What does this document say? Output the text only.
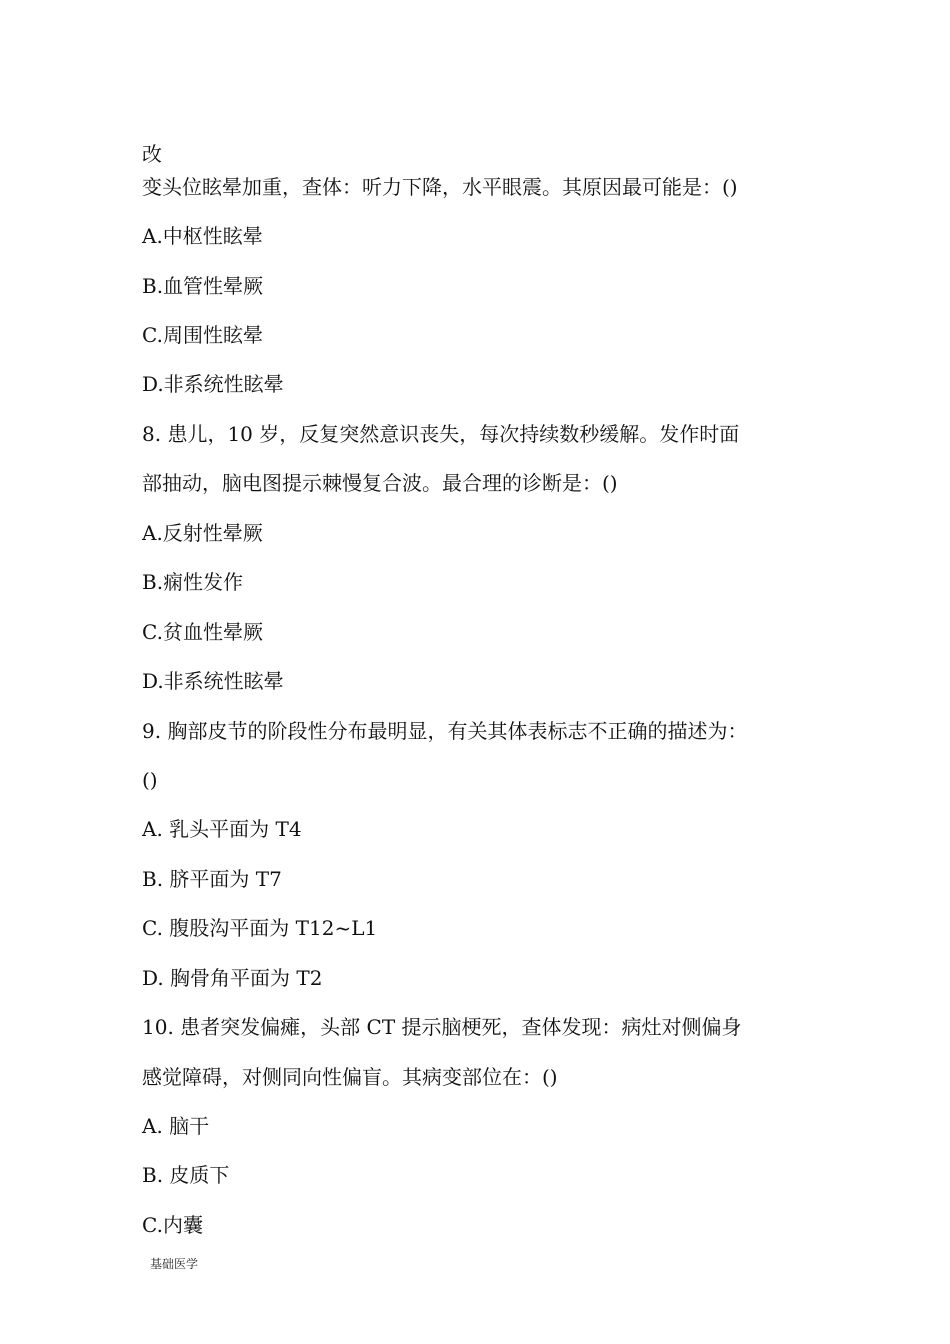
改
变头位眩晕加重，查体：听力下降，水平眼震。其原因最可能是：()
A.中枢性眩晕
B.血管性晕厥
C.周围性眩晕
D.非系统性眩晕
8. 患儿，10 岁，反复突然意识丧失，每次持续数秒缓解。发作时面
部抽动，脑电图提示棘慢复合波。最合理的诊断是：()
A.反射性晕厥
B.痫性发作
C.贫血性晕厥
D.非系统性眩晕
9. 胸部皮节的阶段性分布最明显，有关其体表标志不正确的描述为：
()
A. 乳头平面为 T4
B. 脐平面为 T7
C. 腹股沟平面为 T12~L1
D. 胸骨角平面为 T2
10. 患者突发偏瘫，头部 CT 提示脑梗死，查体发现：病灶对侧偏身
感觉障碍，对侧同向性偏盲。其病变部位在：()
A. 脑干
B. 皮质下
C.内囊
基础医学
